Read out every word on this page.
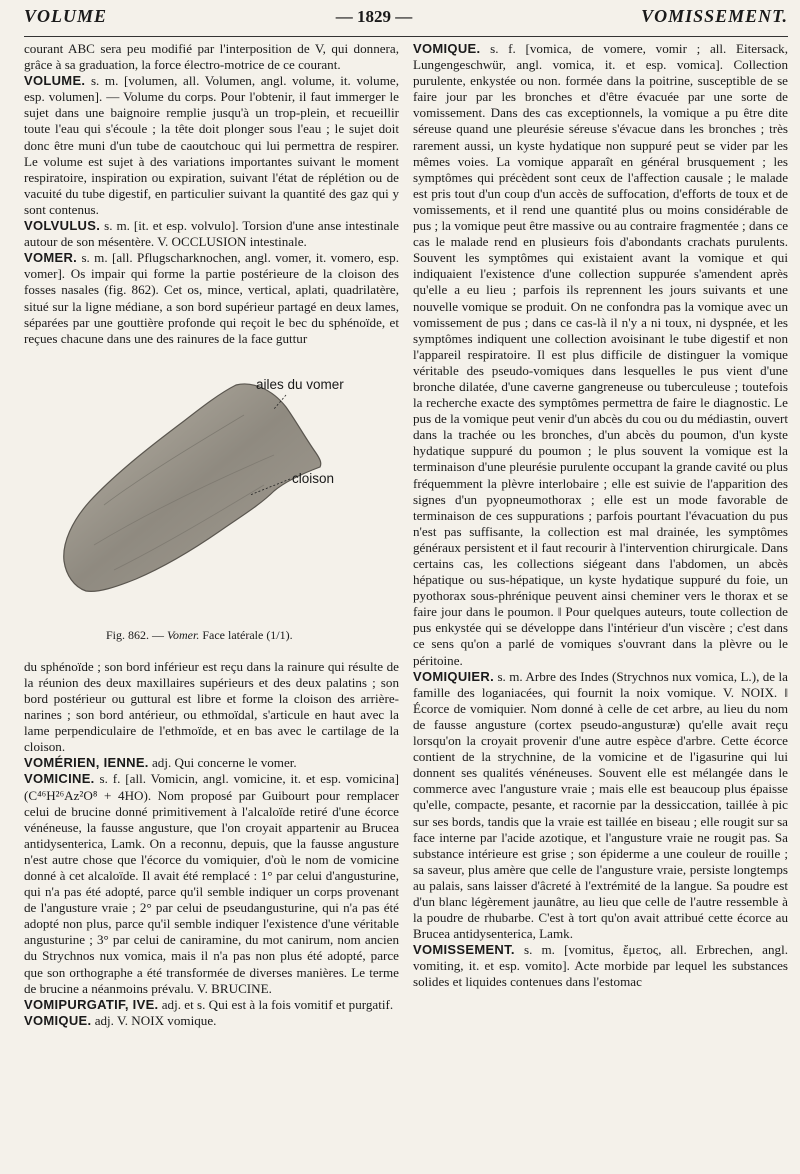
VOLUME	— 1829 —	VOMISSEMENT.

courant ABC sera peu modifié par l'interposition de V, qui donnera, grâce à sa graduation, la force électro-motrice de ce courant.

VOLUME. s. m. [volumen, all. Volumen, angl. volume, it. volume, esp. volumen]. — Volume du corps. Pour l'obtenir, il faut immerger le sujet dans une baignoire remplie jusqu'à un trop-plein, et recueillir toute l'eau qui s'écoule ; la tête doit plonger sous l'eau ; le sujet doit donc être muni d'un tube de caoutchouc qui lui permettra de respirer. Le volume est sujet à des variations importantes suivant le moment respiratoire, inspiration ou expiration, suivant l'état de réplétion ou de vacuité du tube digestif, en particulier suivant la quantité des gaz qui y sont contenus.

VOLVULUS. s. m. [it. et esp. volvulo]. Torsion d'une anse intestinale autour de son mésentère. V. OCCLUSION intestinale.

VOMER. s. m. [all. Pflugscharknochen, angl. vomer, it. vomero, esp. vomer]. Os impair qui forme la partie postérieure de la cloison des fosses nasales (fig. 862). Cet os, mince, vertical, aplati, quadrilatère, situé sur la ligne médiane, a son bord supérieur partagé en deux lames, séparées par une gouttière profonde qui reçoit le bec du sphénoïde, et reçues chacune dans une des rainures de la face guttur

ailes du vomer
cloison
Fig. 862. — Vomer. Face latérale (1/1).

du sphénoïde ; son bord inférieur est reçu dans la rainure qui résulte de la réunion des deux maxillaires supérieurs et des deux palatins ; son bord postérieur ou guttural est libre et forme la cloison des arrière-narines ; son bord antérieur, ou ethmoïdal, s'articule en haut avec la lame perpendiculaire de l'ethmoïde, et en bas avec le cartilage de la cloison.

VOMÉRIEN, IENNE. adj. Qui concerne le vomer.

VOMICINE. s. f. [all. Vomicin, angl. vomicine, it. et esp. vomicina] (C⁴⁶H²⁶Az²O⁸ + 4HO). Nom proposé par Guibourt pour remplacer celui de brucine donné primitivement à l'alcaloïde retiré d'une écorce vénéneuse, la fausse angusture, que l'on croyait appartenir au Brucea antidysenterica, Lamk. On a reconnu, depuis, que la fausse angusture n'est autre chose que l'écorce du vomiquier, d'où le nom de vomicine donné à cet alcaloïde. Il avait été remplacé : 1° par celui d'angusturine, qui n'a pas été adopté, parce qu'il semble indiquer un corps provenant de l'angusture vraie ; 2° par celui de pseudangusturine, qui n'a pas été adopté non plus, parce qu'il semble indiquer l'existence d'une véritable angusturine ; 3° par celui de caniramine, du mot canirum, nom ancien du Strychnos nux vomica, mais il n'a pas non plus été adopté, parce que son orthographe a été transformée de diverses manières. Le terme de brucine a néanmoins prévalu. V. BRUCINE.

VOMIPURGATIF, IVE. adj. et s. Qui est à la fois vomitif et purgatif.

VOMIQUE. adj. V. NOIX vomique.

VOMIQUE. s. f. [vomica, de vomere, vomir ; all. Eitersack, Lungengeschwür, angl. vomica, it. et esp. vomica]. Collection purulente, enkystée ou non. formée dans la poitrine, susceptible de se faire jour par les bronches et d'être évacuée par une sorte de vomissement. Dans des cas exceptionnels, la vomique a pu être dite séreuse quand une pleurésie séreuse s'évacue dans les bronches ; très rarement aussi, un kyste hydatique non suppuré peut se vider par les mêmes voies. La vomique apparaît en général brusquement ; les symptômes qui précèdent sont ceux de l'affection causale ; le malade est pris tout d'un coup d'un accès de suffocation, d'efforts de toux et de vomissements, et il rend une quantité plus ou moins considérable de pus ; la vomique peut être massive ou au contraire fragmentée ; dans ce cas le malade rend en plusieurs fois d'abondants crachats purulents. Souvent les symptômes qui existaient avant la vomique et qui indiquaient l'existence d'une collection suppurée s'amendent après qu'elle a eu lieu ; parfois ils reprennent les jours suivants et une nouvelle vomique se produit. On ne confondra pas la vomique avec un vomissement de pus ; dans ce cas-là il n'y a ni toux, ni dyspnée, et les symptômes indiquent une collection avoisinant le tube digestif et non l'appareil respiratoire. Il est plus difficile de distinguer la vomique véritable des pseudo-vomiques dans lesquelles le pus vient d'une bronche dilatée, d'une caverne gangreneuse ou tuberculeuse ; toutefois la recherche exacte des symptômes permettra de faire le diagnostic. Le pus de la vomique peut venir d'un abcès du cou ou du médiastin, ouvert dans la trachée ou les bronches, d'un abcès du poumon, d'un kyste hydatique suppuré du poumon ; le plus souvent la vomique est la terminaison d'une pleurésie purulente occupant la grande cavité ou plus fréquemment la plèvre interlobaire ; elle est suivie de l'apparition des signes d'un pyopneumothorax ; elle est un mode favorable de terminaison de ces suppurations ; parfois pourtant l'évacuation du pus n'est pas suffisante, la collection est mal drainée, les symptômes généraux persistent et il faut recourir à l'intervention chirurgicale. Dans certains cas, les collections siégeant dans l'abdomen, un abcès hépatique ou sus-hépatique, un kyste hydatique suppuré du foie, un pyothorax sous-phrénique peuvent ainsi cheminer vers le thorax et se faire jour dans le poumon. ‖ Pour quelques auteurs, toute collection de pus enkystée qui se développe dans l'intérieur d'un viscère ; c'est dans ce sens qu'on a parlé de vomiques s'ouvrant dans la plèvre ou le péritoine.

VOMIQUIER. s. m. Arbre des Indes (Strychnos nux vomica, L.), de la famille des loganiacées, qui fournit la noix vomique. V. NOIX. ‖ Écorce de vomiquier. Nom donné à celle de cet arbre, au lieu du nom de fausse angusture (cortex pseudo-angusturæ) qu'elle avait reçu lorsqu'on la croyait provenir d'une autre espèce d'arbre. Cette écorce contient de la strychnine, de la vomicine et de l'igasurine qui lui donnent ses qualités vénéneuses. Souvent elle est mélangée dans le commerce avec l'angusture vraie ; mais elle est beaucoup plus épaisse qu'elle, compacte, pesante, et racornie par la dessiccation, taillée à pic sur ses bords, tandis que la vraie est taillée en biseau ; elle rougit sur sa face interne par l'acide azotique, et l'angusture vraie ne rougit pas. Sa substance intérieure est grise ; son épiderme a une couleur de rouille ; sa saveur, plus amère que celle de l'angusture vraie, persiste longtemps au palais, sans laisser d'âcreté à l'extrémité de la langue. Sa poudre est d'un blanc légèrement jaunâtre, au lieu que celle de l'autre ressemble à la poudre de rhubarbe. C'est à tort qu'on avait attribué cette écorce au Brucea antidysenterica, Lamk.

VOMISSEMENT. s. m. [vomitus, ἔμετος, all. Erbrechen, angl. vomiting, it. et esp. vomito]. Acte morbide par lequel les substances solides et liquides contenues dans l'estomac
